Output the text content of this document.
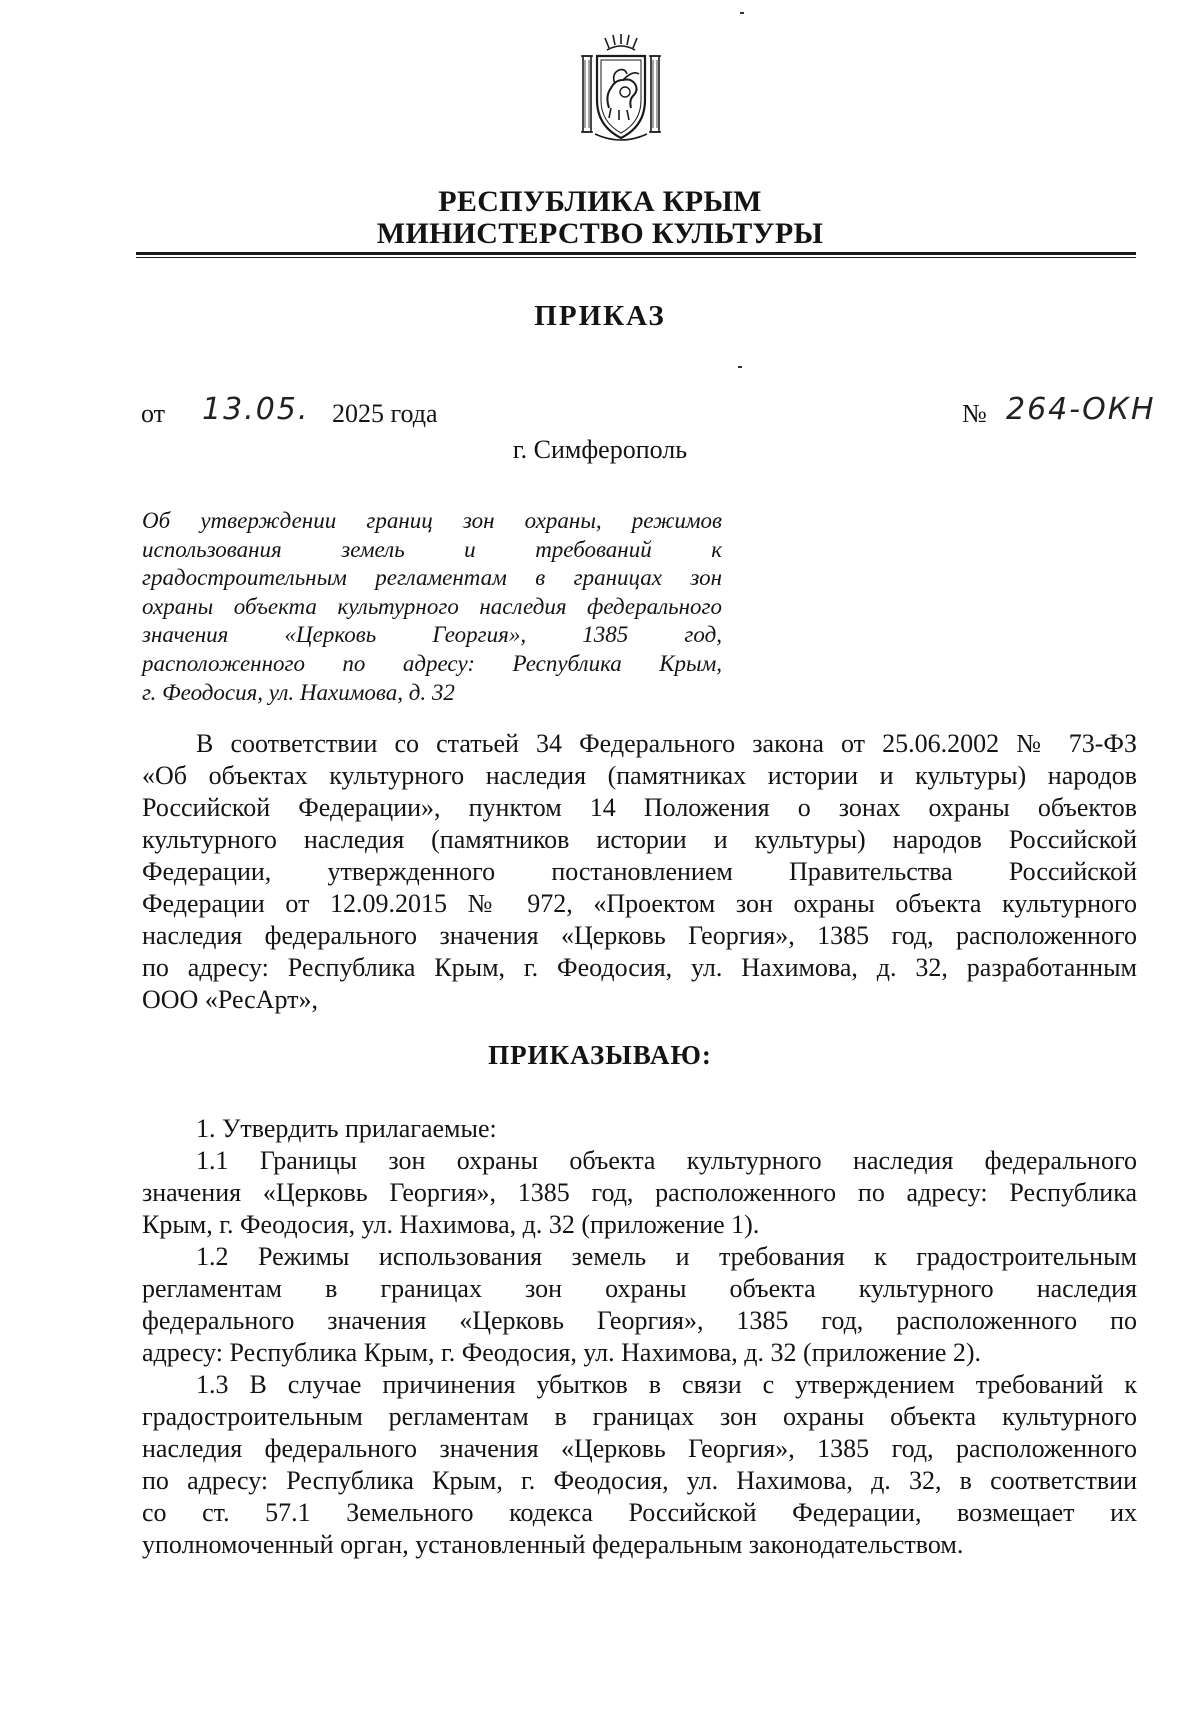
РЕСПУБЛИКА КРЫМ
МИНИСТЕРСТВО КУЛЬТУРЫ
ПРИКАЗ
от 13.05. 2025 года	№ 264-ОКН
г. Симферополь
Об утверждении границ зон охраны, режимов
использования земель и требований к
градостроительным регламентам в границах зон
охраны объекта культурного наследия федерального
значения «Церковь Георгия», 1385 год,
расположенного по адресу: Республика Крым,
г. Феодосия, ул. Нахимова, д. 32
В соответствии со статьей 34 Федерального закона от 25.06.2002 № 73-ФЗ
«Об объектах культурного наследия (памятниках истории и культуры) народов
Российской Федерации», пунктом 14 Положения о зонах охраны объектов
культурного наследия (памятников истории и культуры) народов Российской
Федерации, утвержденного постановлением Правительства Российской
Федерации от 12.09.2015 № 972, «Проектом зон охраны объекта культурного
наследия федерального значения «Церковь Георгия», 1385 год, расположенного
по адресу: Республика Крым, г. Феодосия, ул. Нахимова, д. 32, разработанным
ООО «РесАрт»,
ПРИКАЗЫВАЮ:
1. Утвердить прилагаемые:
1.1 Границы зон охраны объекта культурного наследия федерального
значения «Церковь Георгия», 1385 год, расположенного по адресу: Республика
Крым, г. Феодосия, ул. Нахимова, д. 32 (приложение 1).
1.2 Режимы использования земель и требования к градостроительным
регламентам в границах зон охраны объекта культурного наследия
федерального значения «Церковь Георгия», 1385 год, расположенного по
адресу: Республика Крым, г. Феодосия, ул. Нахимова, д. 32 (приложение 2).
1.3 В случае причинения убытков в связи с утверждением требований к
градостроительным регламентам в границах зон охраны объекта культурного
наследия федерального значения «Церковь Георгия», 1385 год, расположенного
по адресу: Республика Крым, г. Феодосия, ул. Нахимова, д. 32, в соответствии
со ст. 57.1 Земельного кодекса Российской Федерации, возмещает их
уполномоченный орган, установленный федеральным законодательством.
